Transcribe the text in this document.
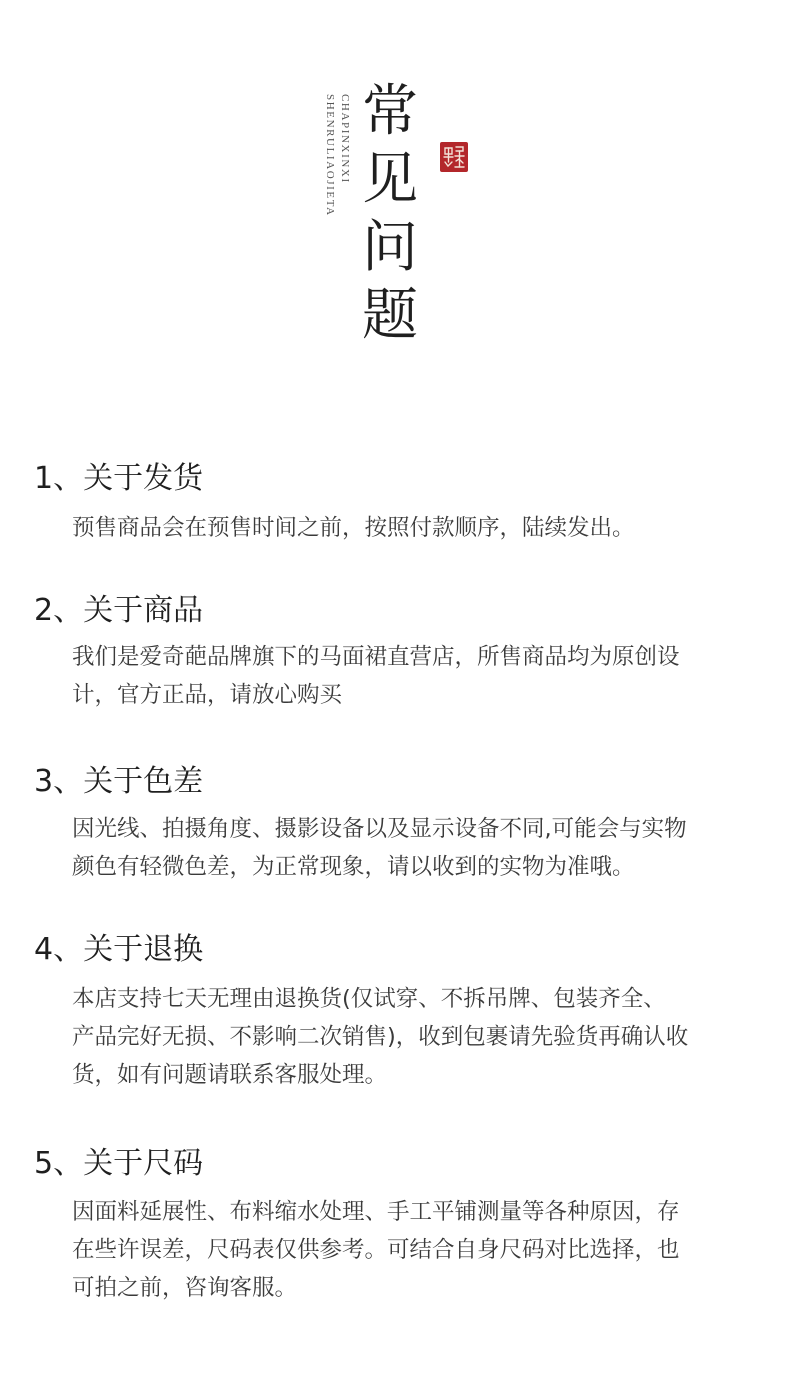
SHENRULIAOJIETA CHAPINXINXI 常
见
问
题
1、关于发货
预售商品会在预售时间之前，按照付款顺序，陆续发出。
2、关于商品
我们是爱奇葩品牌旗下的马面裙直营店，所售商品均为原创设
计，官方正品，请放心购买
3、关于色差
因光线、拍摄角度、摄影设备以及显示设备不同,可能会与实物
颜色有轻微色差，为正常现象，请以收到的实物为准哦。
4、关于退换
本店支持七天无理由退换货(仅试穿、不拆吊牌、包装齐全、
产品完好无损、不影响二次销售)，收到包裹请先验货再确认收
货，如有问题请联系客服处理。
5、关于尺码
因面料延展性、布料缩水处理、手工平铺测量等各种原因，存
在些许误差，尺码表仅供参考。可结合自身尺码对比选择，也
可拍之前，咨询客服。
